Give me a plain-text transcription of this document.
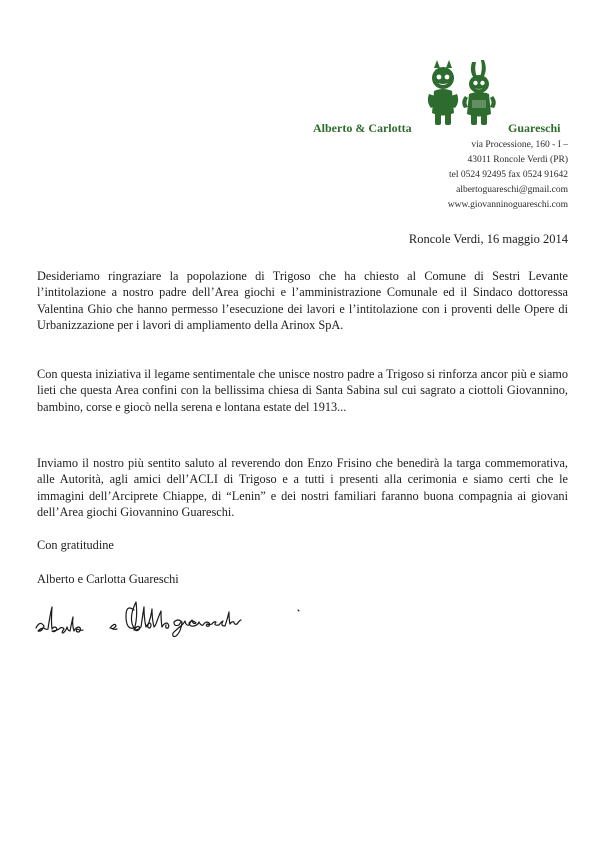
Alberto & Carlotta	Guareschi
via Processione, 160 - I –
43011 Roncole Verdi (PR)
tel 0524 92495 fax 0524 91642
albertoguareschi@gmail.com
www.giovanninoguareschi.com
Roncole Verdi, 16 maggio 2014
Desideriamo ringraziare la popolazione di Trigoso che ha chiesto al Comune di Sestri Levante l’intitolazione a nostro padre dell’Area giochi e l’amministrazione Comunale ed il Sindaco dottoressa Valentina Ghio che hanno permesso l’esecuzione dei lavori e l’intitolazione con i proventi delle Opere di Urbanizzazione per i lavori di ampliamento della Arinox SpA.
Con questa iniziativa il legame sentimentale che unisce nostro padre a Trigoso si rinforza ancor più e siamo lieti che questa Area confini con la bellissima chiesa di Santa Sabina sul cui sagrato a ciottoli Giovannino, bambino, corse e giocò nella serena e lontana estate del 1913...
Inviamo il nostro più sentito saluto al reverendo don Enzo Frisino che benedirà la targa commemorativa, alle Autorità, agli amici dell’ACLI di Trigoso e a tutti i presenti alla cerimonia e siamo certi che le immagini dell’Arciprete Chiappe, di “Lenin” e dei nostri familiari faranno buona compagnia ai giovani dell’Area giochi Giovannino Guareschi.
Con gratitudine
Alberto e Carlotta Guareschi
